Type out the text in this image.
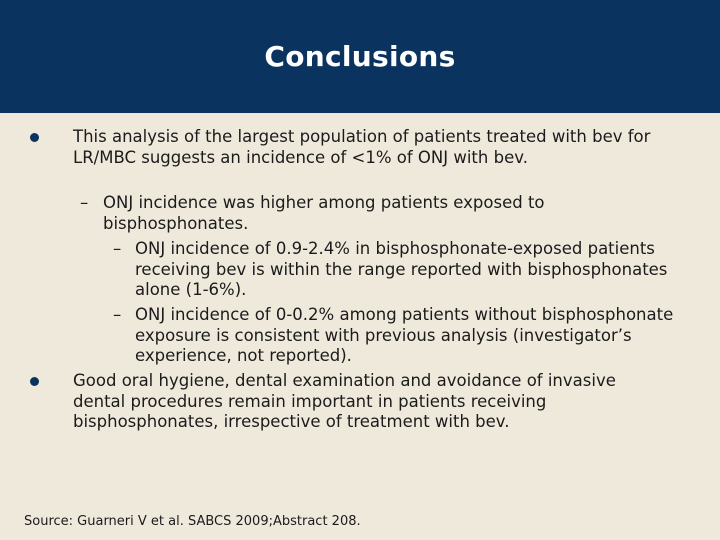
Conclusions
This analysis of the largest population of patients treated with bev for LR/MBC suggests an incidence of <1% of ONJ with bev.
– ONJ incidence was higher among patients exposed to bisphosphonates.
– ONJ incidence of 0.9-2.4% in bisphosphonate-exposed patients receiving bev is within the range reported with bisphosphonates alone (1-6%).
– ONJ incidence of 0-0.2% among patients without bisphosphonate exposure is consistent with previous analysis (investigator’s experience, not reported).
Good oral hygiene, dental examination and avoidance of invasive dental procedures remain important in patients receiving bisphosphonates, irrespective of treatment with bev.
Source: Guarneri V et al. SABCS 2009;Abstract 208.
